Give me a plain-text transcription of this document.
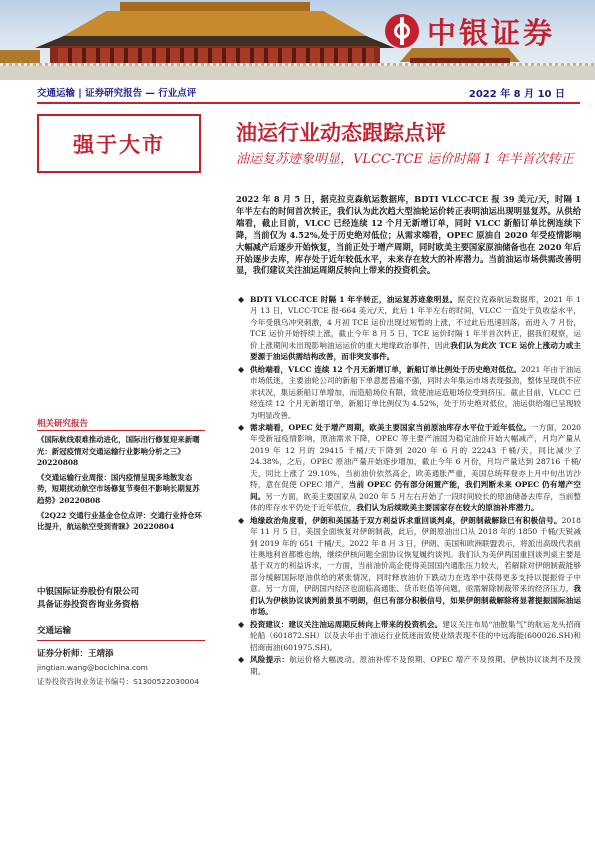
中银证券
交通运输 | 证券研究报告 — 行业点评	2022 年 8 月 10 日
强于大市
相关研究报告
《国际航线艰难推动进化，国际出行修复迎来新曙光：新冠疫情对交通运输行业影响分析之三》20220808
《交通运输行业周报：国内疫情呈现多地散发态势，短期扰动航空市场修复节奏但不影响长期复苏趋势》20220808
《2Q22 交通行业基金仓位点评：交通行业持仓环比提升，航运航空受到青睐》20220804
中银国际证券股份有限公司
具备证券投资咨询业务资格
交通运输
证券分析师：王靖添
jingtian.wang@bocichina.com
证券投资咨询业务证书编号：S1300522030004
油运行业动态跟踪点评
油运复苏迹象明显，VLCC-TCE 运价时隔 1 年半首次转正
2022 年 8 月 5 日，据克拉克森航运数据库，BDTI VLCC-TCE 报 39 美元/天，时隔 1 年半左右的时间首次转正，我们认为此次趋大型油轮运价转正表明油运出现明显复苏。从供给端看，截止目前，VLCC 已经连续 12 个月无新增订单，同时 VLCC 新船订单比例连续下降，当前仅为 4.52%,处于历史绝对低位；从需求端看，OPEC 原油自 2020 年受疫情影响大幅减产后逐步开始恢复，当前正处于增产周期，同时欧美主要国家原油储备也在 2020 年后开始逐步去库，库存处于近年较低水平，未来存在较大的补库潜力。当前油运市场供需改善明显，我们建议关注油运周期反转向上带来的投资机会。
◆ BDTI VLCC-TCE 时隔 1 年半转正，油运复苏迹象明显。据克拉克森航运数据库，2021 年 1 月 13 日，VLCC-TCE 报-664 美元/天，此后 1 年半左右的时间，VLCC 一直处于负收益水平，今年受俄乌冲突刺激，4 月初 TCE 运价出现过短暂的上涨，不过此后迅速回落，而进入 7 月份，TCE 运价开始持续上涨，截止今年 8 月 5 日，TCE 运价时隔 1 年半首次转正，据我们观察，运价上涨期间未出现影响油运运价的重大地缘政治事件，因此我们认为此次 TCE 运价上涨动力或主要源于油运供需结构改善，而非突发事件。
◆ 供给端看，VLCC 连续 12 个月无新增订单，新船订单比例处于历史绝对低位。2021 年由于油运市场低迷，主要油轮公司的新船下单意愿普遍不强，同时去年集运市场表现强劲，整体呈现供不应求状况，集运新船订单增加，而造船场位有限，致使油运造船场位受到挤压。截止目前，VLCC 已经连续 12 个月无新增订单，新船订单比例仅为 4.52%，处于历史绝对低位，油运供给端已呈现较为明显改善。
◆ 需求端看，OPEC 处于增产周期，欧美主要国家当前原油库存水平位于近年低位。一方面，2020 年受新冠疫情影响，原油需求下降，OPEC 等主要产油国为稳定油价开始大幅减产，月均产量从 2019 年 12 月的 29415 千桶/天下降到 2020 年 6 月的 22243 千桶/天，同比减少了 24.38%，之后，OPEC 原油产量开始逐步增加，截止今年 6 月份，月均产量达到 28716 千桶/天，同比上涨了 29.10%，当前油价依然高企，欧美通胀严重，美国总统拜登亦上月中旬出访沙特，意在促使 OPEC 增产，当前 OPEC 仍有部分闲置产能，我们判断未来 OPEC 仍有增产空间。另一方面，欧美主要国家从 2020 年 5 月左右开始了一段时间较长的原油储备去库存，当前整体的库存水平仍处于近年低位，我们认为后续欧美主要国家存在较大的原油补库潜力。
◆ 地缘政治角度看，伊朗和美国基于双方利益诉求重回谈判桌，伊朗制裁解除已有积极信号。2018 年 11 月 5 日，美国全面恢复对伊朗制裁，此后，伊朗原油出口从 2018 年的 1850 千桶/天锐减到 2019 年的 651 千桶/天。2022 年 8 月 3 日，伊朗、美国和欧洲联盟表示，将派出高级代表前往奥地利首都维也纳，继续伊核问题全面协议恢复履约谈判。我们认为美伊两国重回谈判桌主要是基于双方的利益诉求，一方面，当前油价高企使得美国国内通胀压力较大，若解除对伊朗制裁能够部分缓解国际原油供给的紧张情况，同时释放油价下跌动力在选举中获得更多支持以提振骨子中意。另一方面，伊朗国内经济也面临高通胀、货币贬值等问题，亟需解除制裁带来的经济压力，我们认为伊核协议谈判前景虽不明朗，但已有部分积极信号，如果伊朗制裁解除将显著提振国际油运市场。
◆ 投资建议：建议关注油运周期反转向上带来的投资机会。建议关注布局“油散集气”的航运龙头招商轮船（601872.SH）以及去年由于油运行业低迷而致使业绩表现不佳的中远海能(600026.SH)和招商南油(601975.SH)。
◆ 风险提示：航运价格大幅波动、原油补库不及预期、OPEC 增产不及预期、伊核协议谈判不及预期。
